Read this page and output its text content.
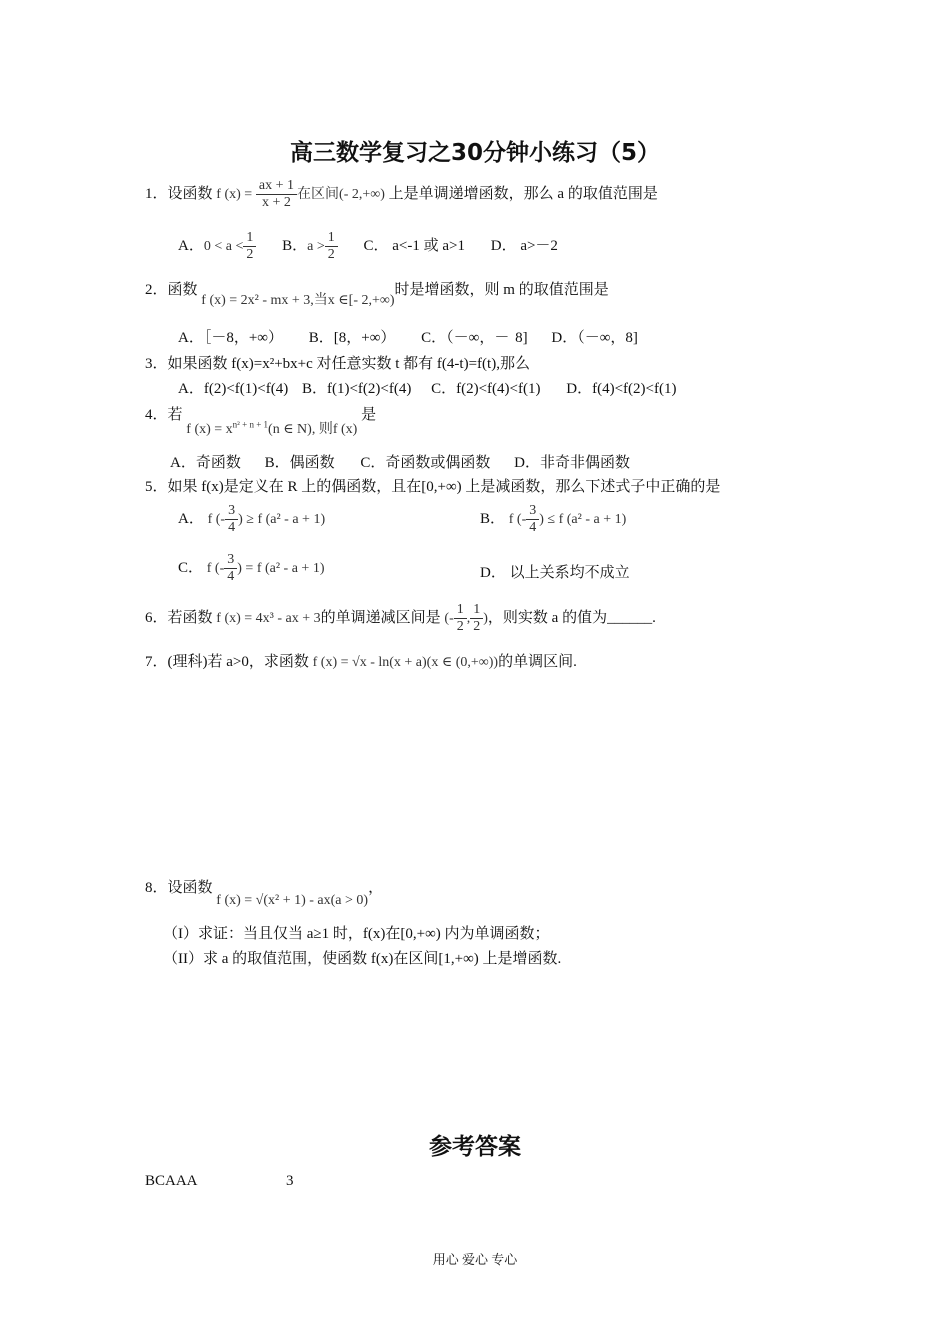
高三数学复习之30分钟小练习（5）
1．设函数 f $(x) = \frac{ax + 1}{x + 2}$ 在区间(- 2,+∞) 上是单调递增函数，那么 a 的取值范围是
A．$0 < a < \frac{1}{2}$ B．$a > \frac{1}{2}$ C． a<-1 或 a>1 D． a>－2
2．函数 f (x) = 2x² - mx + 3,当x ∈[- 2,+∞)时是增函数，则 m 的取值范围是
A．［－8，+∞） B．[8，+∞） C．（－∞，－ 8] D．（－∞，8]
3．如果函数 f(x)=x²+bx+c 对任意实数 t 都有 f(4-t)=f(t),那么
A．f(2)<f(1)<f(4) B．f(1)<f(2)<f(4) C．f(2)<f(4)<f(1) D．f(4)<f(2)<f(1)
4．若 f $(x) = x^{n^2 + n + 1}(n$ ∈ N), 则f (x) 是
A．奇函数 B．偶函数 C．奇函数或偶函数 D．非奇非偶函数
5．如果 f(x)是定义在 R 上的偶函数，且在[0,+∞) 上是减函数，那么下述式子中正确的是
A． f (- $\frac{3}{4}$ ) ≥ f (a² - a + 1)	B． f (- $\frac{3}{4}$ ) ≤ f (a² - a + 1)
C． f (- $\frac{3}{4}$ ) = f (a² - a + 1)	D． 以上关系均不成立
6．若函数 f (x) = 4x³ - ax + 3的单调递减区间是 (- $\frac{1}{2}$ , $\frac{1}{2}$ )，则实数 a 的值为______.
7．(理科)若 a>0，求函数 f (x) = √x - ln(x + a)(x ∈ (0,+∞))的单调区间.
8．设函数 f (x) = √(x² + 1) - ax(a > 0)，
（I）求证：当且仅当 a≥1 时，f(x)在[0,+∞) 内为单调函数；
（II）求 a 的取值范围，使函数 f(x)在区间[1,+∞) 上是增函数.
参考答案
BCAAA	3
用心 爱心 专心
